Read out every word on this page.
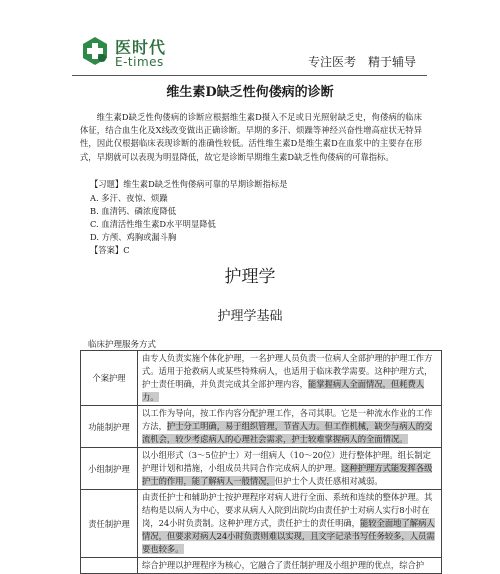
医时代
E-times	专注医考 精于辅导
维生素D缺乏性佝偻病的诊断
维生素D缺乏性佝偻病的诊断应根据维生素D摄入不足或日光照射缺乏史，佝偻病的临床体征，结合血生化及X线改变做出正确诊断。早期的多汗、烦躁等神经兴奋性增高症状无特异性，因此仅根据临床表现诊断的准确性较低。活性维生素D是维生素D在血浆中的主要存在形式，早期就可以表现为明显降低，故它是诊断早期维生素D缺乏性佝偻病的可靠指标。
【习题】维生素D缺乏性佝偻病可靠的早期诊断指标是
A. 多汗、夜惊、烦躁
B. 血清钙、磷浓度降低
C. 血清活性维生素D水平明显降低
D. 方颅、鸡胸或漏斗胸
【答案】C
护理学
护理学基础
临床护理服务方式
个案护理	由专人负责实施个体化护理，一名护理人员负责一位病人全部护理的护理工作方式。适用于抢救病人或某些特殊病人，也适用于临床教学需要。这种护理方式，护士责任明确，并负责完成其全部护理内容，能掌握病人全面情况，但耗费人力。
功能制护理	以工作为导向，按工作内容分配护理工作，各司其职。它是一种流水作业的工作方法，护士分工明确，易于组织管理，节省人力。但工作机械，缺少与病人的交流机会，较少考虑病人的心理社会需求，护士较难掌握病人的全面情况。
小组制护理	以小组形式（3～5位护士）对一组病人（10～20位）进行整体护理。组长制定护理计划和措施，小组成员共同合作完成病人的护理。这种护理方式能发挥各级护士的作用，能了解病人一般情况，但护士个人责任感相对减弱。
责任制护理	由责任护士和辅助护士按护理程序对病人进行全面、系统和连续的整体护理。其结构是以病人为中心，要求从病人入院到出院均由责任护士对病人实行8小时在岗，24小时负责制。这种护理方式，责任护士的责任明确，能较全面地了解病人情况，但要求对病人24小时负责则难以实现，且文字记录书写任务较多，人员需要也较多。
	综合护理以护理程序为核心，它融合了责任制护理及小组护理的优点，综合护
